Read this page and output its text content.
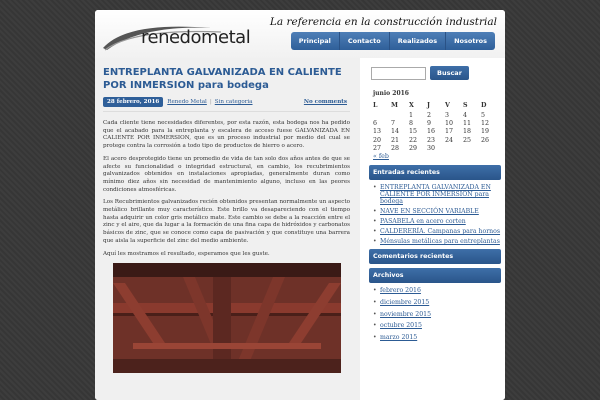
renedometal
La referencia en la construcción industrial
Principal	Contacto	Realizados	Nosotros
ENTREPLANTA GALVANIZADA EN CALIENTE POR INMERSION para bodega
28 febrero, 2016	Renedo Metal | Sin categoria	No comments

Cada cliente tiene necesidades diferentes, por esta razón, esta bodega nos ha pedido que el acabado para la entreplanta y escalera de acceso fuese GALVANIZADA EN CALIENTE POR INMERSION, que es un proceso industrial por medio del cual se protege contra la corrosión a todo tipo de productos de hierro o acero.

El acero desprotegido tiene un promedio de vida de tan solo dos años antes de que se afecte su funcionalidad o integridad estructural, en cambio, los recubrimientos galvanizados obtenidos en instalaciones apropiadas, generalmente duran como mínimo diez años sin necesidad de mantenimiento alguno, incluso en las peores condiciones atmosféricas.

Los Recubrimientos galvanizados recién obtenidos presentan normalmente un aspecto metálico brillante muy característico. Este brillo va desapareciendo con el tiempo hasta adquirir un color gris metálico mate. Este cambio se debe a la reacción entre el zinc y el aire, que da lugar a la formación de una fina capa de hidróxidos y carbonatos básicos de zinc, que se conoce como capa de pasivación y que constituye una barrera que aisla la superficie del zinc del medio ambiente.

Aquí les mostramos el resultado, esperamos que les guste.

Buscar
junio 2016
L	M	X	J	V	S	D
		1	2	3	4	5
6	7	8	9	10	11	12
13	14	15	16	17	18	19
20	21	22	23	24	25	26
27	28	29	30			
« feb
Entradas recientes
• ENTREPLANTA GALVANIZADA EN CALIENTE POR INMERSION para bodega
• NAVE EN SECCIÓN VARIABLE
• PASABELA en acero corten
• CALDERERÍA. Campanas para hornos
• Ménsulas metálicas para entreplantas
Comentarios recientes
Archivos
• febrero 2016
• diciembre 2015
• noviembre 2015
• octubre 2015
• marzo 2015
